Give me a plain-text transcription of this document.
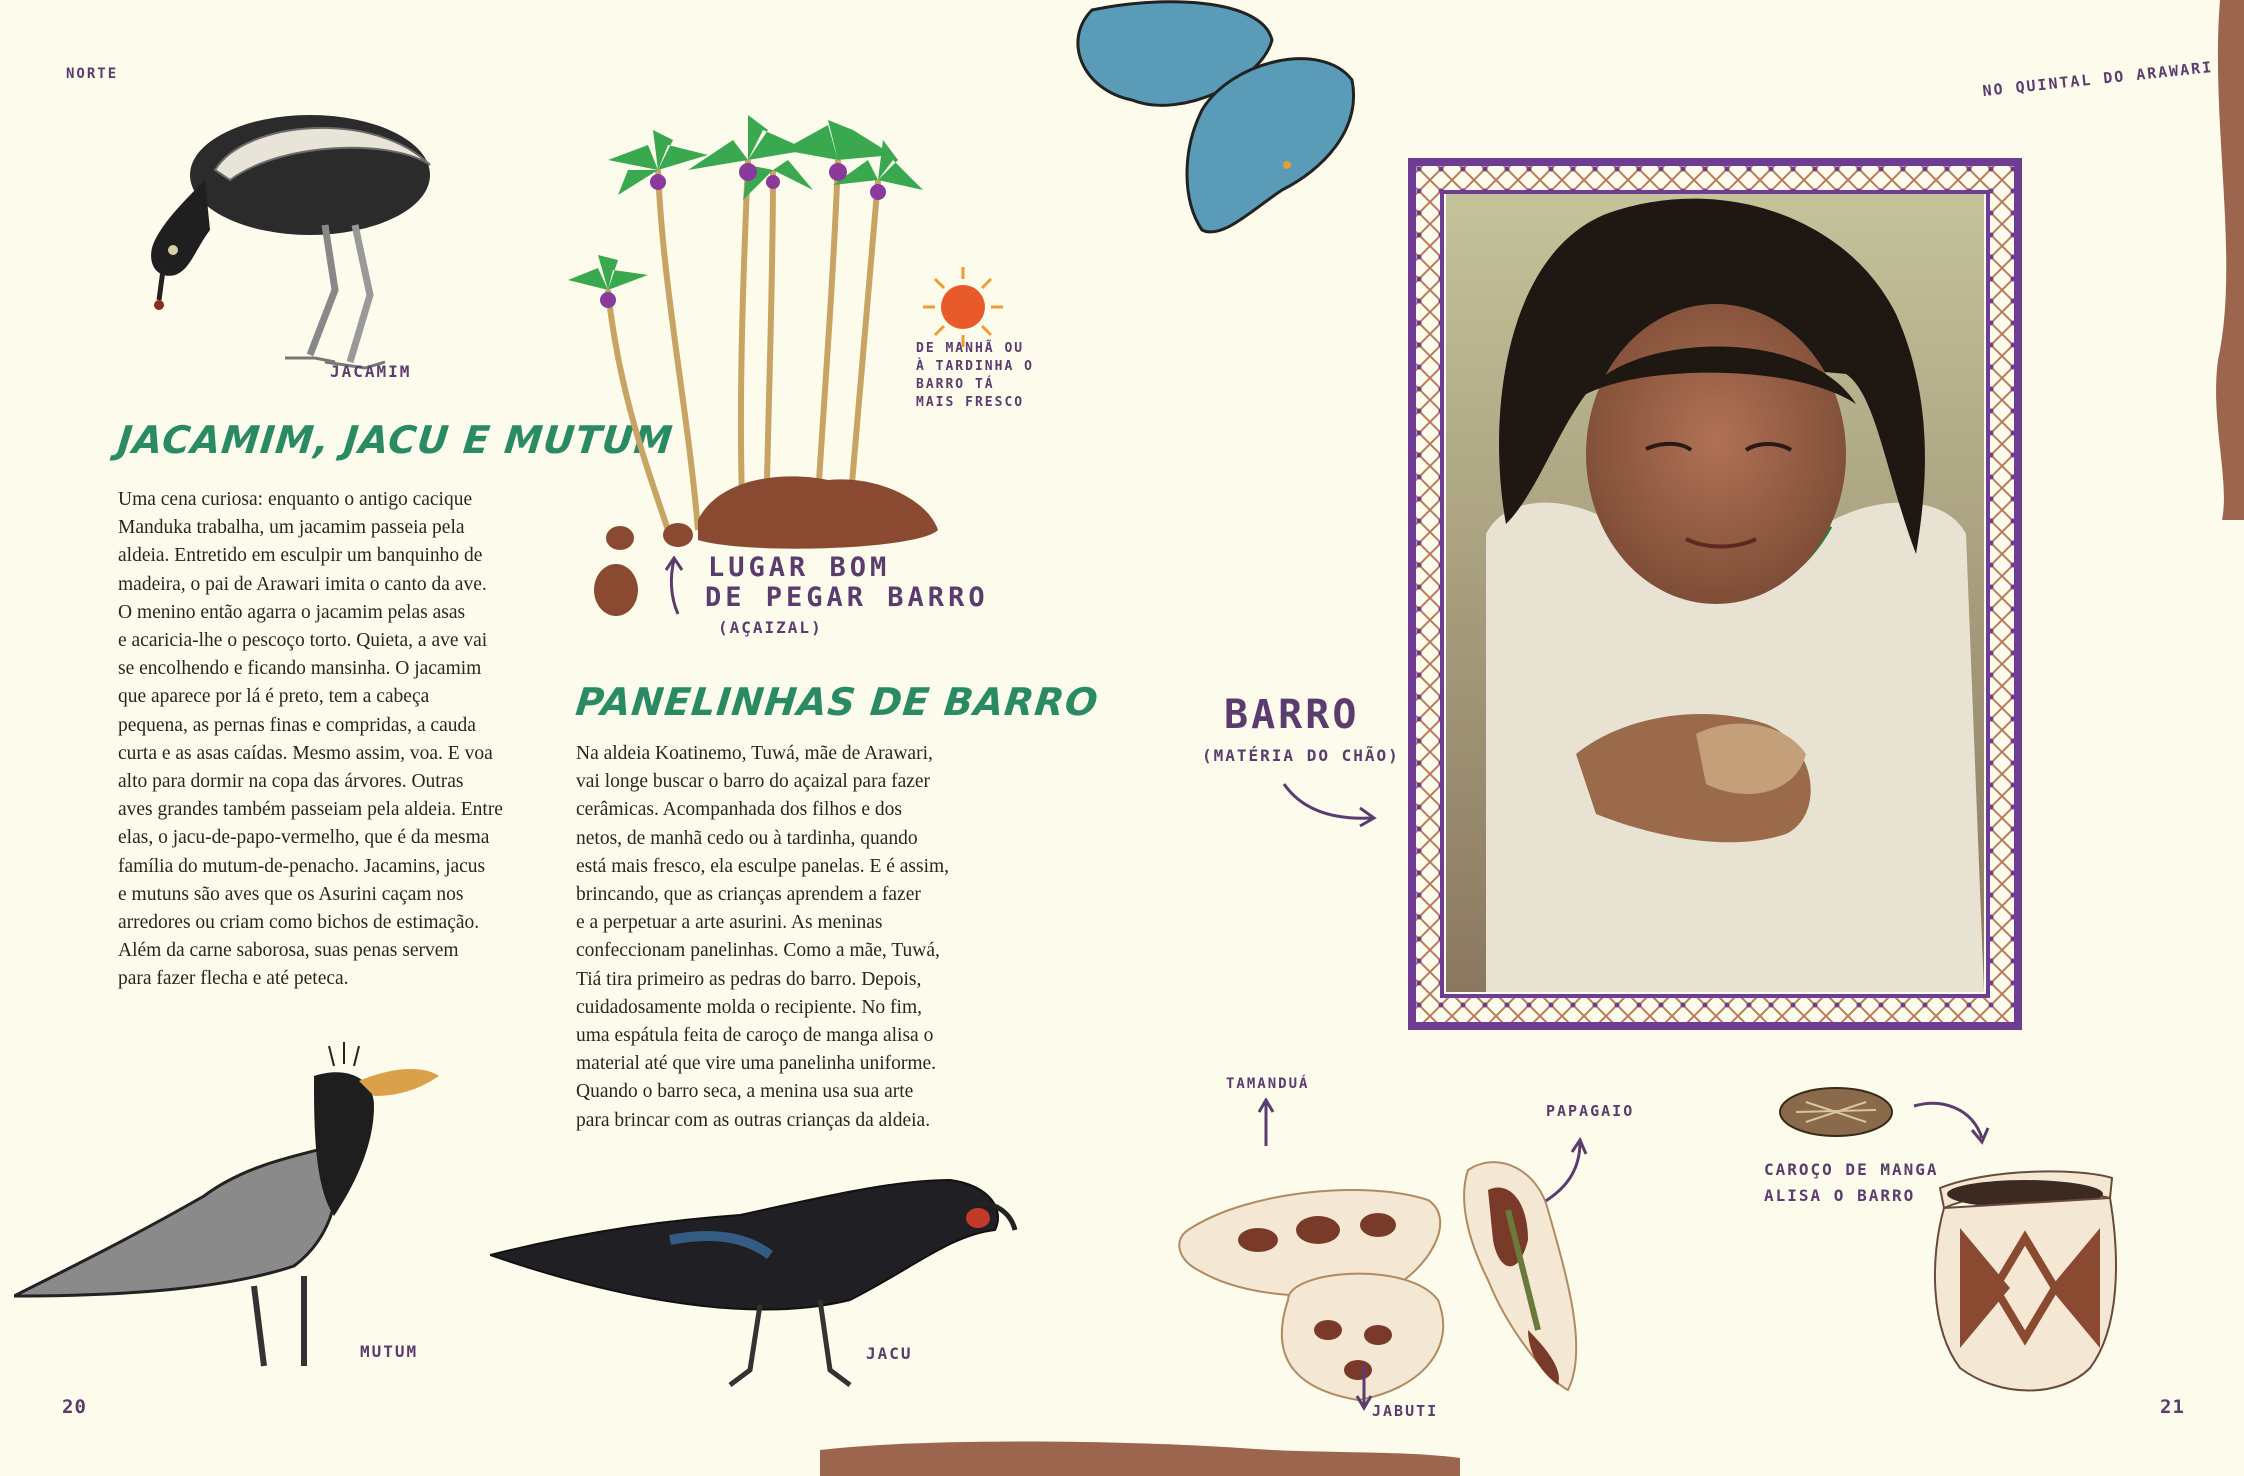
NORTE
JACAMIM
JACAMIM, JACU E MUTUM

Uma cena curiosa: enquanto o antigo cacique

Manduka trabalha, um jacamim passeia pela

aldeia. Entretido em esculpir um banquinho de

madeira, o pai de Arawari imita o canto da ave.

O menino então agarra o jacamim pelas asas

e acaricia-lhe o pescoço torto. Quieta, a ave vai

se encolhendo e ficando mansinha. O jacamim

que aparece por lá é preto, tem a cabeça

pequena, as pernas finas e compridas, a cauda

curta e as asas caídas. Mesmo assim, voa. E voa

alto para dormir na copa das árvores. Outras

aves grandes também passeiam pela aldeia. Entre

elas, o jacu-de-papo-vermelho, que é da mesma

família do mutum-de-penacho. Jacamins, jacus

e mutuns são aves que os Asurini caçam nos

arredores ou criam como bichos de estimação.

Além da carne saborosa, suas penas servem

para fazer flecha e até peteca.

DE MANHÃ OU À TARDINHA O BARRO TÁ MAIS FRESCO
LUGAR BOM
DE PEGAR BARRO
(AÇAIZAL)
PANELINHAS DE BARRO

Na aldeia Koatinemo, Tuwá, mãe de Arawari,

vai longe buscar o barro do açaizal para fazer

cerâmicas. Acompanhada dos filhos e dos

netos, de manhã cedo ou à tardinha, quando

está mais fresco, ela esculpe panelas. E é assim,

brincando, que as crianças aprendem a fazer

e a perpetuar a arte asurini. As meninas

confeccionam panelinhas. Como a mãe, Tuwá,

Tiá tira primeiro as pedras do barro. Depois,

cuidadosamente molda o recipiente. No fim,

uma espátula feita de caroço de manga alisa o

material até que vire uma panelinha uniforme.

Quando o barro seca, a menina usa sua arte

para brincar com as outras crianças da aldeia.

MUTUM	JACU
20
NO QUINTAL DO ARAWARI
BARRO
(MATÉRIA DO CHÃO)
TAMANDUÁ
PAPAGAIO
JABUTI
CAROÇO DE MANGA
ALISA O BARRO
21
